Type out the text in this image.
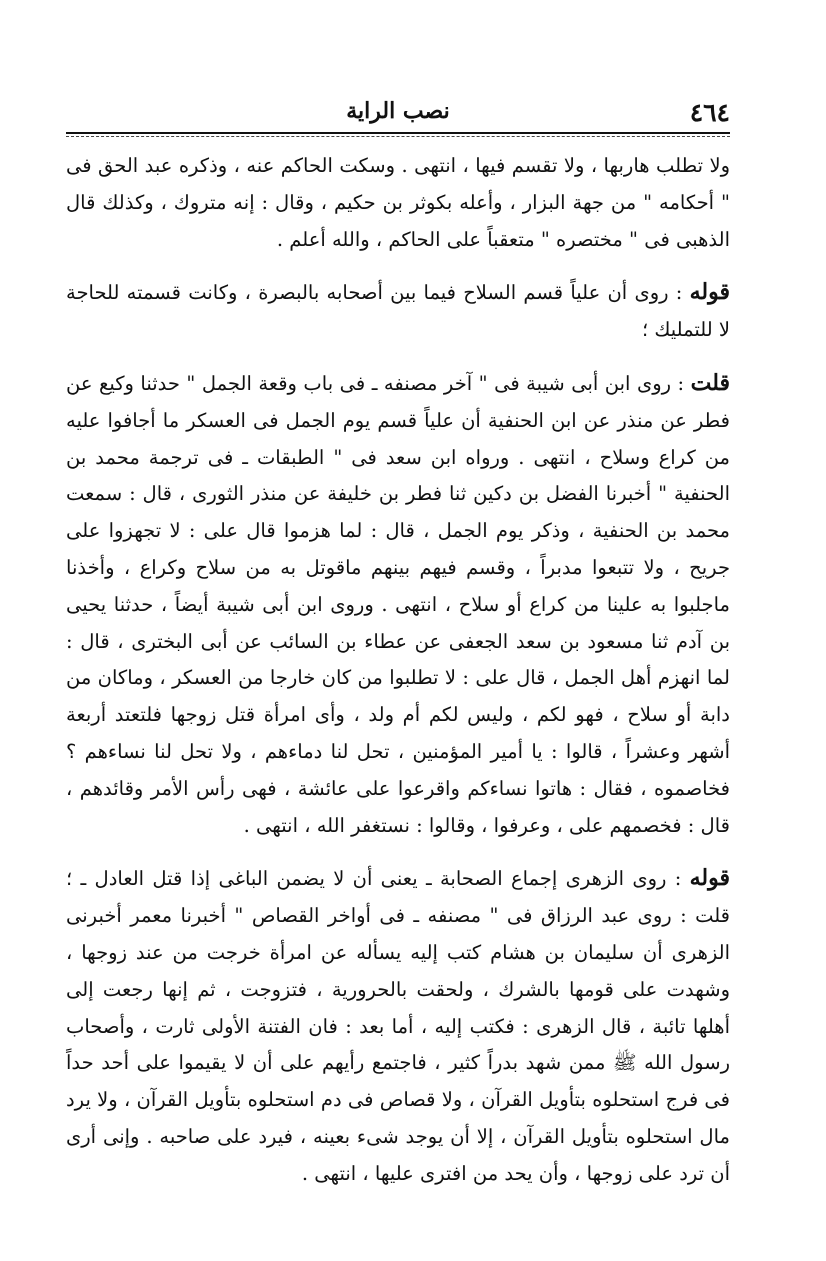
٤٦٤
نصب الراية

ولا تطلب هاربها ، ولا تقسم فيها ، انتهى . وسكت الحاكم عنه ، وذكره عبد الحق فى " أحكامه " من جهة البزار ، وأعله بكوثر بن حكيم ، وقال : إنه متروك ، وكذلك قال الذهبى فى " مختصره " متعقباً على الحاكم ، والله أعلم .

قوله : روى أن علياً قسم السلاح فيما بين أصحابه بالبصرة ، وكانت قسمته للحاجة لا للتمليك ؛

قلت : روى ابن أبى شيبة فى " آخر مصنفه ـ فى باب وقعة الجمل " حدثنا وكيع عن فطر عن منذر عن ابن الحنفية أن علياً قسم يوم الجمل فى العسكر ما أجافوا عليه من كراع وسلاح ، انتهى . ورواه ابن سعد فى " الطبقات ـ فى ترجمة محمد بن الحنفية " أخبرنا الفضل بن دكين ثنا فطر بن خليفة عن منذر الثورى ، قال : سمعت محمد بن الحنفية ، وذكر يوم الجمل ، قال : لما هزموا قال على : لا تجهزوا على جريح ، ولا تتبعوا مدبراً ، وقسم فيهم بينهم ماقوتل به من سلاح وكراع ، وأخذنا ماجلبوا به علينا من كراع أو سلاح ، انتهى . وروى ابن أبى شيبة أيضاً ، حدثنا يحيى بن آدم ثنا مسعود بن سعد الجعفى عن عطاء بن السائب عن أبى البخترى ، قال : لما انهزم أهل الجمل ، قال على : لا تطلبوا من كان خارجا من العسكر ، وماكان من دابة أو سلاح ، فهو لكم ، وليس لكم أم ولد ، وأى امرأة قتل زوجها فلتعتد أربعة أشهر وعشراً ، قالوا : يا أمير المؤمنين ، تحل لنا دماءهم ، ولا تحل لنا نساءهم ؟ فخاصموه ، فقال : هاتوا نساءكم واقرعوا على عائشة ، فهى رأس الأمر وقائدهم ، قال : فخصمهم على ، وعرفوا ، وقالوا : نستغفر الله ، انتهى .

قوله : روى الزهرى إجماع الصحابة ـ يعنى أن لا يضمن الباغى إذا قتل العادل ـ ؛ قلت : روى عبد الرزاق فى " مصنفه ـ فى أواخر القصاص " أخبرنا معمر أخبرنى الزهرى أن سليمان بن هشام كتب إليه يسأله عن امرأة خرجت من عند زوجها ، وشهدت على قومها بالشرك ، ولحقت بالحرورية ، فتزوجت ، ثم إنها رجعت إلى أهلها تائبة ، قال الزهرى : فكتب إليه ، أما بعد : فان الفتنة الأولى ثارت ، وأصحاب رسول الله ﷺ ممن شهد بدراً كثير ، فاجتمع رأيهم على أن لا يقيموا على أحد حداً فى فرج استحلوه بتأويل القرآن ، ولا قصاص فى دم استحلوه بتأويل القرآن ، ولا يرد مال استحلوه بتأويل القرآن ، إلا أن يوجد شىء بعينه ، فيرد على صاحبه . وإنى أرى أن ترد على زوجها ، وأن يحد من افترى عليها ، انتهى .
